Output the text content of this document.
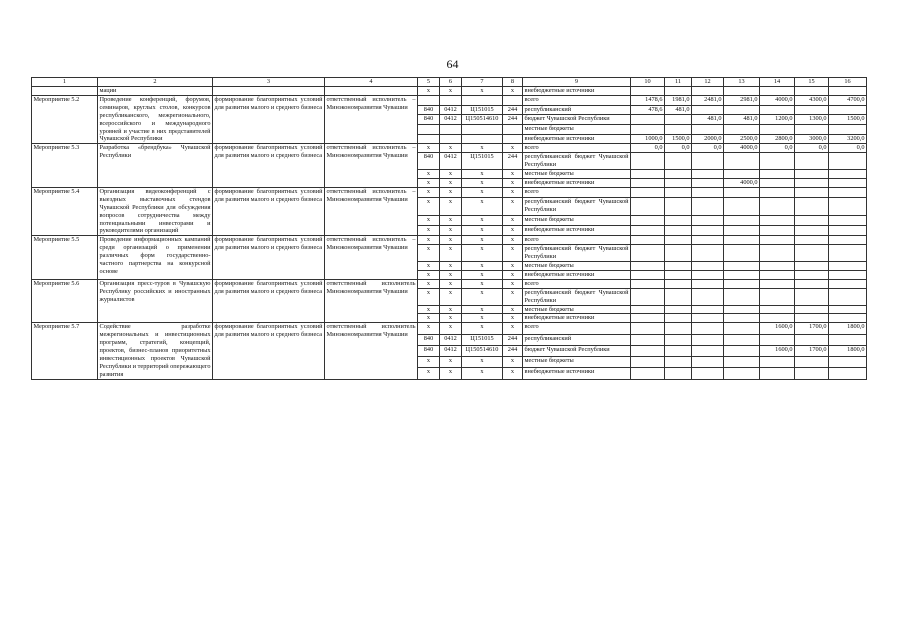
64
1	2	3	4	5	6	7	8	9	10	11	12	13	14	15	16
	мации			x	x	x	x	внебюджетные источники							
Мероприятие 5.2	Проведение конференций, форумов, семинаров, круглых столов, конкурсов республиканского, межрегионального, всероссийского и международного уровней и участие в них представителей Чувашской Республики	формирование благоприятных условий для развития малого и среднего бизнеса	ответственный исполнитель – Минэкономразвития Чувашии					всего	1478,6	1981,0	2481,0	2981,0	4000,0	4300,0	4700,0
				840	0412	Ц151015	244	республиканский	478,6	481,0					
				840	0412	Ц150514610	244	бюджет Чувашской Республики			481,0	481,0	1200,0	1300,0	1500,0
								местные бюджеты							
								внебюджетные источники	1000,0	1500,0	2000,0	2500,0	2800,0	3000,0	3200,0
Мероприятие 5.3	Разработка «брендбука» Чувашской Республики	формирование благоприятных условий для развития малого и среднего бизнеса	ответственный исполнитель – Минэкономразвития Чувашии	x	x	x	x	всего	0,0	0,0	0,0	4000,0	0,0	0,0	0,0
				840	0412	Ц151015	244	республиканский бюджет Чувашской Республики							
				x	x	x	x	местные бюджеты							
				x	x	x	x	внебюджетные источники				4000,0			
Мероприятие 5.4	Организация видеоконференций с выездных выставочных стендов Чувашской Республики для обсуждения вопросов сотрудничества между потенциальными инвесторами и руководителями организаций	формирование благоприятных условий для развития малого и среднего бизнеса	ответственный исполнитель – Минэкономразвития Чувашии	x	x	x	x	всего							
				x	x	x	x	республиканский бюджет Чувашской Республики							
				x	x	x	x	местные бюджеты							
				x	x	x	x	внебюджетные источники							
Мероприятие 5.5	Проведение информационных кампаний среди организаций о применении различных форм государственно-частного партнерства на конкурсной основе	формирование благоприятных условий для развития малого и среднего бизнеса	ответственный исполнитель – Минэкономразвития Чувашии	x	x	x	x	всего							
				x	x	x	x	республиканский бюджет Чувашской Республики							
				x	x	x	x	местные бюджеты							
				x	x	x	x	внебюджетные источники							
Мероприятие 5.6	Организация пресс-туров в Чувашскую Республику российских и иностранных журналистов	формирование благоприятных условий для развития малого и среднего бизнеса	ответственный исполнитель Минэкономразвития Чувашии	x	x	x	x	всего							
				x	x	x	x	республиканский бюджет Чувашской Республики							
				x	x	x	x	местные бюджеты							
				x	x	x	x	внебюджетные источники							
Мероприятие 5.7	Содействие разработке межрегиональных и инвестиционных программ, стратегий, концепций, проектов, бизнес-планов приоритетных инвестиционных проектов Чувашской Республики и территорий опережающего развития	формирование благоприятных условий для развития малого и среднего бизнеса	ответственный исполнитель Минэкономразвития Чувашии	x	x	x	x	всего					1600,0	1700,0	1800,0
				840	0412	Ц151015	244	республиканский							
				840	0412	Ц150514610	244	бюджет Чувашской Республики					1600,0	1700,0	1800,0
				x	x	x	x	местные бюджеты							
				x	x	x	x	внебюджетные источники							
